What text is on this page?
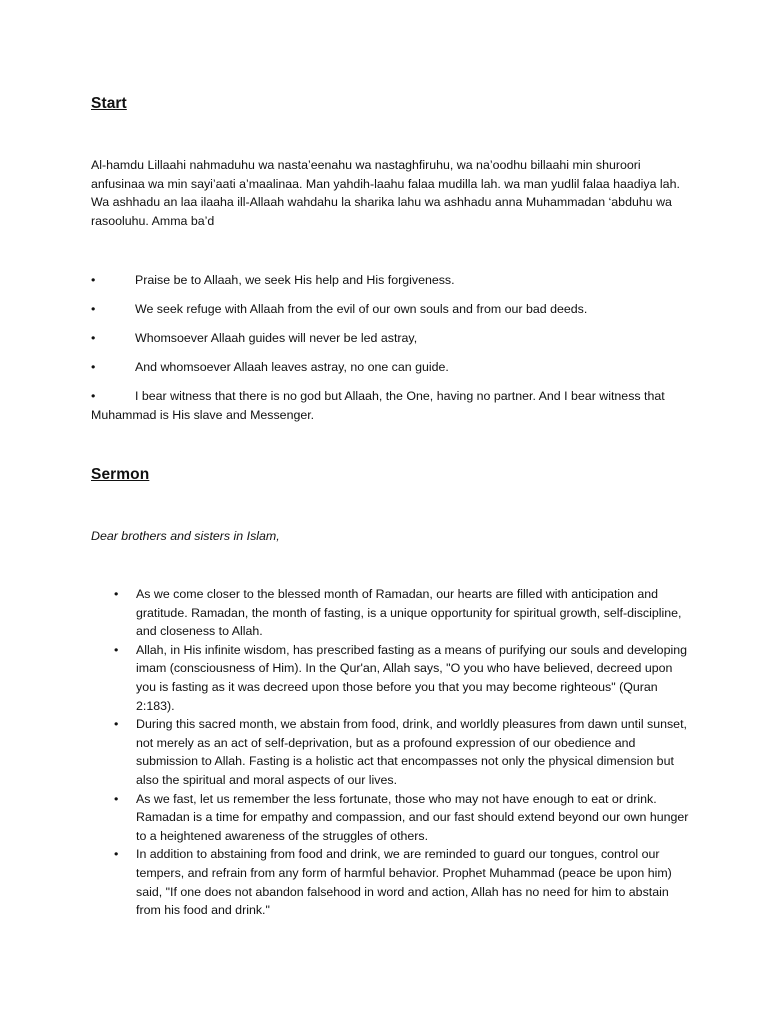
Start
Al-hamdu Lillaahi nahmaduhu wa nasta’eenahu wa nastaghfiruhu, wa na’oodhu billaahi min shuroori anfusinaa wa min sayi’aati a’maalinaa. Man yahdih-laahu falaa mudilla lah. wa man yudlil falaa haadiya lah. Wa ashhadu an laa ilaaha ill-Allaah wahdahu la sharika lahu wa ashhadu anna Muhammadan ‘abduhu wa rasooluhu. Amma ba’d
•	Praise be to Allaah, we seek His help and His forgiveness.
•	We seek refuge with Allaah from the evil of our own souls and from our bad deeds.
•	Whomsoever Allaah guides will never be led astray,
•	And whomsoever Allaah leaves astray, no one can guide.
•	I bear witness that there is no god but Allaah, the One, having no partner. And I bear witness that Muhammad is His slave and Messenger.
Sermon
Dear brothers and sisters in Islam,
• As we come closer to the blessed month of Ramadan, our hearts are filled with anticipation and gratitude. Ramadan, the month of fasting, is a unique opportunity for spiritual growth, self-discipline, and closeness to Allah.
• Allah, in His infinite wisdom, has prescribed fasting as a means of purifying our souls and developing imam (consciousness of Him). In the Qur'an, Allah says, "O you who have believed, decreed upon you is fasting as it was decreed upon those before you that you may become righteous" (Quran 2:183).
• During this sacred month, we abstain from food, drink, and worldly pleasures from dawn until sunset, not merely as an act of self-deprivation, but as a profound expression of our obedience and submission to Allah. Fasting is a holistic act that encompasses not only the physical dimension but also the spiritual and moral aspects of our lives.
• As we fast, let us remember the less fortunate, those who may not have enough to eat or drink. Ramadan is a time for empathy and compassion, and our fast should extend beyond our own hunger to a heightened awareness of the struggles of others.
• In addition to abstaining from food and drink, we are reminded to guard our tongues, control our tempers, and refrain from any form of harmful behavior. Prophet Muhammad (peace be upon him) said, "If one does not abandon falsehood in word and action, Allah has no need for him to abstain from his food and drink."
